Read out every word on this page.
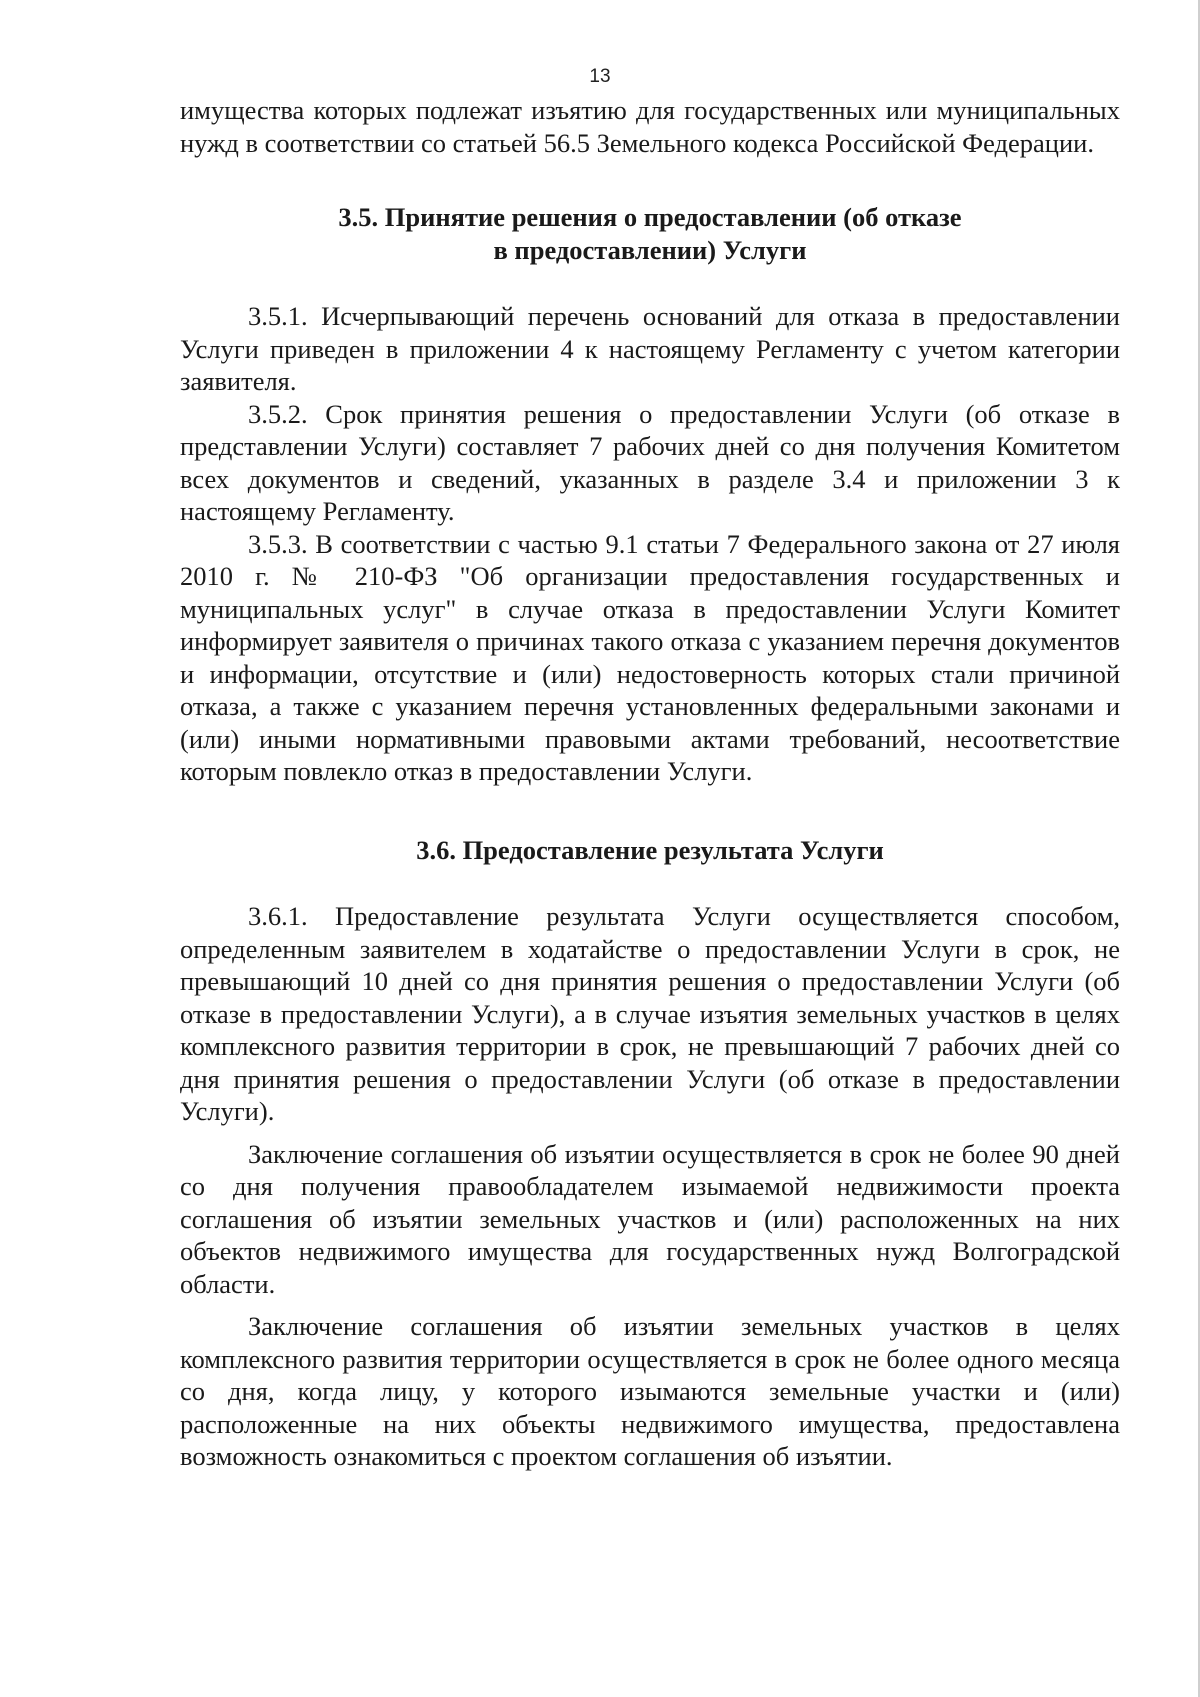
13

имущества которых подлежат изъятию для государственных или муниципальных нужд в соответствии со статьей 56.5 Земельного кодекса Российской Федерации.

3.5. Принятие решения о предоставлении (об отказе
в предоставлении) Услуги

3.5.1. Исчерпывающий перечень оснований для отказа в предоставлении Услуги приведен в приложении 4 к настоящему Регламенту с учетом категории заявителя.

3.5.2. Срок принятия решения о предоставлении Услуги (об отказе в представлении Услуги) составляет 7 рабочих дней со дня получения Комитетом всех документов и сведений, указанных в разделе 3.4 и приложении 3 к настоящему Регламенту.

3.5.3. В соответствии с частью 9.1 статьи 7 Федерального закона от 27 июля 2010 г. № 210-ФЗ "Об организации предоставления государственных и муниципальных услуг" в случае отказа в предоставлении Услуги Комитет информирует заявителя о причинах такого отказа с указанием перечня документов и информации, отсутствие и (или) недостоверность которых стали причиной отказа, а также с указанием перечня установленных федеральными законами и (или) иными нормативными правовыми актами требований, несоответствие которым повлекло отказ в предоставлении Услуги.

3.6. Предоставление результата Услуги

3.6.1. Предоставление результата Услуги осуществляется способом, определенным заявителем в ходатайстве о предоставлении Услуги в срок, не превышающий 10 дней со дня принятия решения о предоставлении Услуги (об отказе в предоставлении Услуги), а в случае изъятия земельных участков в целях комплексного развития территории в срок, не превышающий 7 рабочих дней со дня принятия решения о предоставлении Услуги (об отказе в предоставлении Услуги).

Заключение соглашения об изъятии осуществляется в срок не более 90 дней со дня получения правообладателем изымаемой недвижимости проекта соглашения об изъятии земельных участков и (или) расположенных на них объектов недвижимого имущества для государственных нужд Волгоградской области.

Заключение соглашения об изъятии земельных участков в целях комплексного развития территории осуществляется в срок не более одного месяца со дня, когда лицу, у которого изымаются земельные участки и (или) расположенные на них объекты недвижимого имущества, предоставлена возможность ознакомиться с проектом соглашения об изъятии.
